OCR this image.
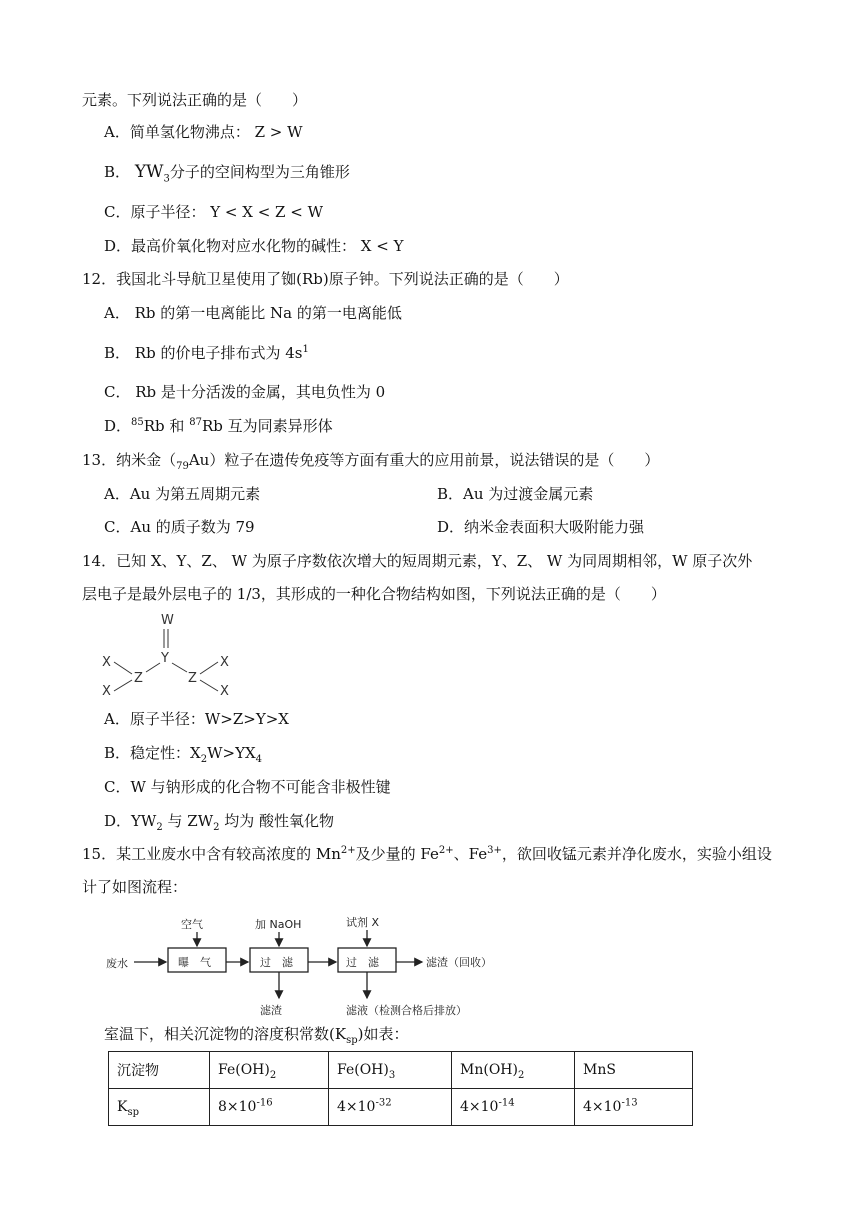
元素。下列说法正确的是（　　）
A．简单氢化物沸点： Z > W
B． $YW_3$分子的空间构型为三角锥形
C．原子半径： Y < X < Z < W
D．最高价氧化物对应水化物的碱性： X < Y
12．我国北斗导航卫星使用了铷(Rb)原子钟。下列说法正确的是（　　）
A． Rb 的第一电离能比 Na 的第一电离能低
B． Rb 的价电子排布式为 $4s^1$
C． Rb 是十分活泼的金属，其电负性为 0
D．$^{85}$Rb 和 $^{87}$Rb 互为同素异形体
13．纳米金$(_{79}Au)$粒子在遗传免疫等方面有重大的应用前景，说法错误的是（　　）
A．Au 为第五周期元素	B．Au 为过渡金属元素
C．Au 的质子数为 79	D．纳米金表面积大吸附能力强
14．已知 X、Y、Z、 W 为原子序数依次增大的短周期元素，Y、Z、 W 为同周期相邻，W 原子次外
层电子是最外层电子的 1/3，其形成的一种化合物结构如图，下列说法正确的是（　　）
W
Y
Z	Z
X
X
X
X
A．原子半径：W>Z>Y>X
B．稳定性：$X_2W>YX_4$
C．W 与钠形成的化合物不可能含非极性键
D．$YW_2$ 与 $ZW_2$ 均为 酸性氧化物
15．某工业废水中含有较高浓度的 $Mn^{2+}$及少量的 $Fe^{2+}$、$Fe^{3+}$，欲回收锰元素并净化废水，实验小组设
计了如图流程：
废水
空气	加 NaOH	试剂 X
曝　气	过　滤	过　滤	滤渣（回收）
滤渣	滤液（检测合格后排放）
室温下，相关沉淀物的溶度积常数$(K_{sp})$如表：
沉淀物	$Fe(OH)_2$	$Fe(OH)_3$	$Mn(OH)_2$	MnS
$K_{sp}$	$8\times 10^{-16}$	$4\times 10^{-32}$	$4\times 10^{-14}$	$4\times 10^{-13}$
